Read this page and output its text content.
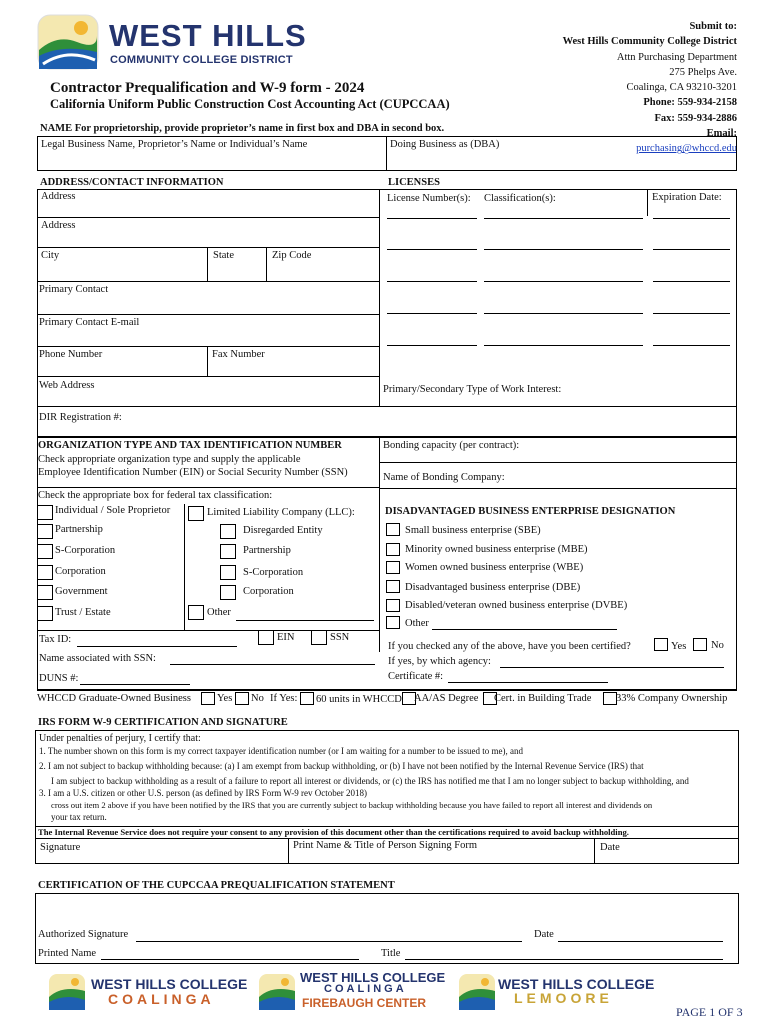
WEST HILLS
COMMUNITY COLLEGE DISTRICT
Submit to:
West Hills Community College District
Attn Purchasing Department
275 Phelps Ave.
Coalinga, CA 93210-3201
Phone: 559-934-2158
Fax: 559-934-2886
Email:
purchasing@whccd.edu
Contractor Prequalification and W-9 form - 2024
California Uniform Public Construction Cost Accounting Act (CUPCCAA)
NAME For proprietorship, provide proprietor’s name in first box and DBA in second box.
Legal Business Name, Proprietor’s Name or Individual’s Name	Doing Business as (DBA)
ADDRESS/CONTACT INFORMATION	LICENSES
Address
Address
City	State	Zip Code
Primary Contact
Primary Contact E-mail
Phone Number	Fax Number
Web Address
DIR Registration #:
License Number(s): Classification(s):	Expiration Date:
Primary/Secondary Type of Work Interest:
ORGANIZATION TYPE AND TAX IDENTIFICATION NUMBER
Check appropriate organization type and supply the applicable
Employee Identification Number (EIN) or Social Security Number (SSN)
Check the appropriate box for federal tax classification:
Individual / Sole Proprietor
Partnership
S-Corporation
Corporation
Government
Trust / Estate
Limited Liability Company (LLC):
Disregarded Entity
Partnership
S-Corporation
Corporation
Other
Tax ID:	EIN	SSN
Name associated with SSN:
DUNS #:
Bonding capacity (per contract):
Name of Bonding Company:
DISADVANTAGED BUSINESS ENTERPRISE DESIGNATION
Small business enterprise (SBE)
Minority owned business enterprise (MBE)
Women owned business enterprise (WBE)
Disadvantaged business enterprise (DBE)
Disabled/veteran owned business enterprise (DVBE)
Other
If you checked any of the above, have you been certified?	Yes No
If yes, by which agency:
Certificate #:
WHCCD Graduate-Owned Business Yes No If Yes: 60 units in WHCCD AA/AS Degree Cert. in Building Trade 33% Company Ownership
IRS FORM W-9 CERTIFICATION AND SIGNATURE
Under penalties of perjury, I certify that:
1. The number shown on this form is my correct taxpayer identification number (or I am waiting for a number to be issued to me), and
2. I am not subject to backup withholding because: (a) I am exempt from backup withholding, or (b) I have not been notified by the Internal Revenue Service (IRS) that
I am subject to backup withholding as a result of a failure to report all interest or dividends, or (c) the IRS has notified me that I am no longer subject to backup withholding, and
3. I am a U.S. citizen or other U.S. person (as defined by IRS Form W-9 rev October 2018)
cross out item 2 above if you have been notified by the IRS that you are currently subject to backup withholding because you have failed to report all interest and dividends on
your tax return.
The Internal Revenue Service does not require your consent to any provision of this document other than the certifications required to avoid backup withholding.
Signature	Print Name & Title of Person Signing Form	Date
CERTIFICATION OF THE CUPCCAA PREQUALIFICATION STATEMENT
Authorized Signature	Date
Printed Name	Title
WEST HILLS COLLEGE
COALINGA
WEST HILLS COLLEGE
COALINGA
FIREBAUGH CENTER
WEST HILLS COLLEGE
LEMOORE
PAGE 1 OF 3
